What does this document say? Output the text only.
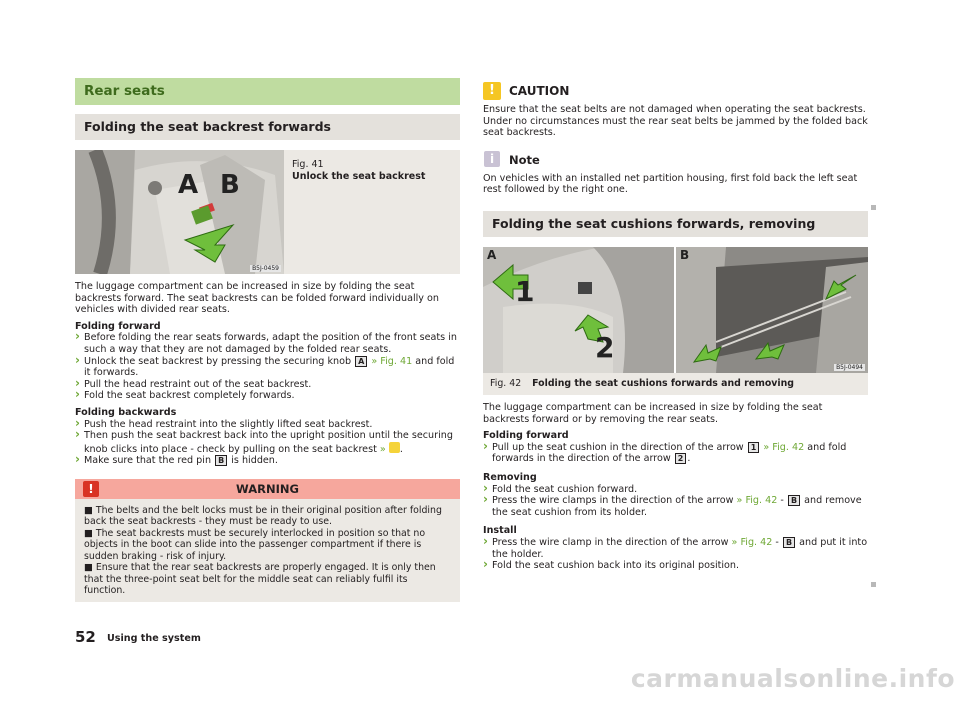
Rear seats
Folding the seat backrest forwards
A B
B5J-0459
Fig. 41
Unlock the seat backrest

The luggage compartment can be increased in size by folding the seat backrests forward. The seat backrests can be folded forward individually on vehicles with divided rear seats.

Folding forward
› Before folding the rear seats forwards, adapt the position of the front seats in such a way that they are not damaged by the folded rear seats.
› Unlock the seat backrest by pressing the securing knob A » Fig. 41 and fold it forwards.
› Pull the head restraint out of the seat backrest.
› Fold the seat backrest completely forwards.
Folding backwards
› Push the head restraint into the slightly lifted seat backrest.
› Then push the seat backrest back into the upright position until the securing knob clicks into place - check by pulling on the seat backrest » .
› Make sure that the red pin B is hidden.
!	WARNING
■ The belts and the belt locks must be in their original position after folding back the seat backrests - they must be ready to use.
■ The seat backrests must be securely interlocked in position so that no objects in the boot can slide into the passenger compartment if there is sudden braking - risk of injury.
■ Ensure that the rear seat backrests are properly engaged. It is only then that the three-point seat belt for the middle seat can reliably fulfil its function.
!	CAUTION

Ensure that the seat belts are not damaged when operating the seat backrests. Under no circumstances must the rear seat belts be jammed by the folded back seat backrests.

i	Note

On vehicles with an installed net partition housing, first fold back the left seat rest followed by the right one.

Folding the seat cushions forwards, removing
A
1
2
B
B5J-0494
Fig. 42 Folding the seat cushions forwards and removing

The luggage compartment can be increased in size by folding the seat backrests forward or by removing the rear seats.

Folding forward
› Pull up the seat cushion in the direction of the arrow 1 » Fig. 42 and fold forwards in the direction of the arrow 2 .
Removing
› Fold the seat cushion forward.
› Press the wire clamps in the direction of the arrow » Fig. 42 - B and remove the seat cushion from its holder.
Install
› Press the wire clamp in the direction of the arrow » Fig. 42 - B and put it into the holder.
› Fold the seat cushion back into its original position.
52 Using the system
carmanualsonline.info
